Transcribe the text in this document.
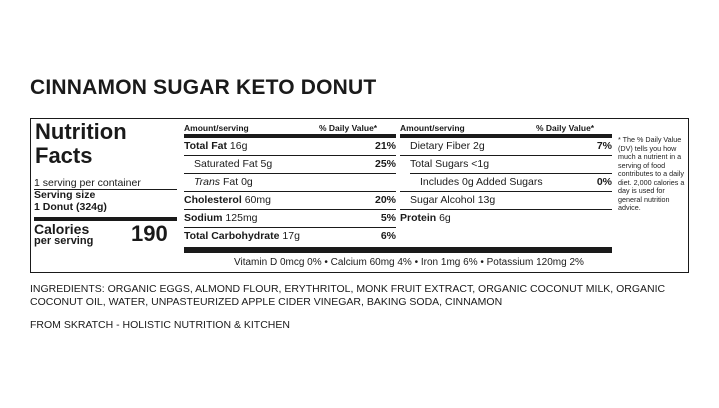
CINNAMON SUGAR KETO DONUT
Nutrition
Facts
1 serving per container
Serving size
1 Donut (324g)
Calories
per serving 190
Amount/serving	% Daily Value*
Total Fat 16g	21%
Saturated Fat 5g	25%
Trans Fat 0g
Cholesterol 60mg	20%
Sodium 125mg	5%
Total Carbohydrate 17g	6%
Amount/serving	% Daily Value*
Dietary Fiber 2g	7%
Total Sugars <1g
Includes 0g Added Sugars	0%
Sugar Alcohol 13g
Protein 6g
Vitamin D 0mcg 0% • Calcium 60mg 4% • Iron 1mg 6% • Potassium 120mg 2%
* The % Daily Value (DV) tells you how much a nutrient in a serving of food contributes to a daily diet. 2,000 calories a day is used for general nutrition advice.
INGREDIENTS: ORGANIC EGGS, ALMOND FLOUR, ERYTHRITOL, MONK FRUIT EXTRACT, ORGANIC COCONUT MILK, ORGANIC COCONUT OIL, WATER, UNPASTEURIZED APPLE CIDER VINEGAR, BAKING SODA, CINNAMON
FROM SKRATCH - HOLISTIC NUTRITION & KITCHEN
